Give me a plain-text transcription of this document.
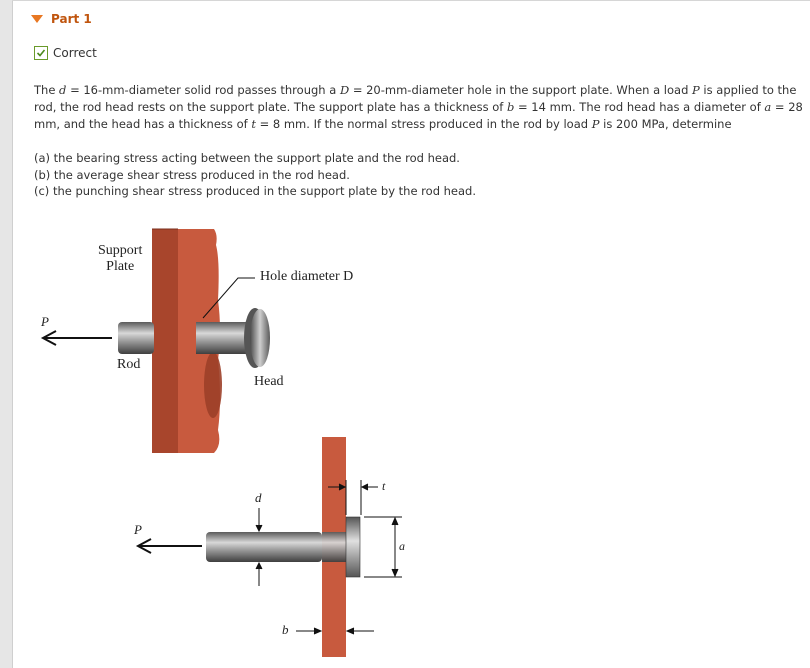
Part 1
Correct

The d = 16-mm-diameter solid rod passes through a D = 20-mm-diameter hole in the support plate. When a load P is applied to the rod, the rod head rests on the support plate. The support plate has a thickness of b = 14 mm. The rod head has a diameter of a = 28 mm, and the head has a thickness of t = 8 mm. If the normal stress produced in the rod by load P is 200 MPa, determine

(a) the bearing stress acting between the support plate and the rod head.
(b) the average shear stress produced in the rod head.
(c) the punching shear stress produced in the support plate by the rod head.
Support
Plate
Hole diameter D
P
Rod
Head
d
P
t
a
b
